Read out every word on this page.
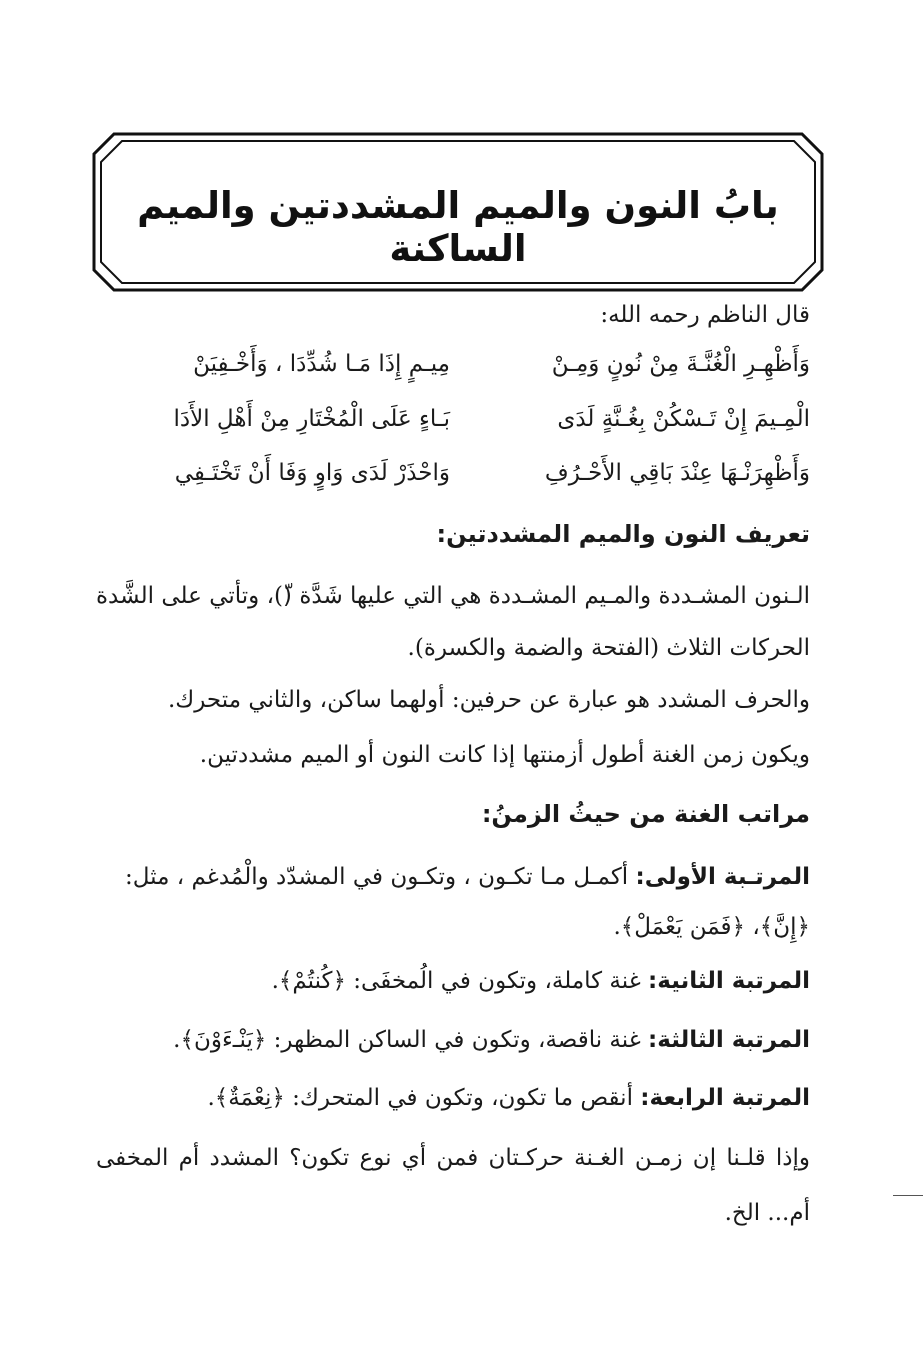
بابُ النون والميم المشددتين والميم الساكنة
قال الناظم رحمه الله:
وَأَظْهِـرِ الْغُنَّـةَ مِنْ نُونٍ وَمِـنْ
مِيـمٍ إِذَا مَـا شُدِّدَا ، وَأَخْـفِيَنْ
الْمِـيمَ إِنْ تَـسْكُنْ بِغُـنَّةٍ لَدَى
بَـاءٍ عَلَى الْمُخْتَارِ مِنْ أَهْلِ الأَدَا
وَأَظْهِرَنْـهَا عِنْدَ بَاقِي الأَحْـرُفِ
وَاحْذَرْ لَدَى وَاوٍ وَفَا أَنْ تَخْتَـفِي
تعريف النون والميم المشددتين:
الـنون المشـددة والمـيم المشـددة هي التي عليها شَدَّة (ّ)، وتأتي على الشَّدة
الحركات الثلاث (الفتحة والضمة والكسرة).
والحرف المشدد هو عبارة عن حرفين: أولهما ساكن، والثاني متحرك.
ويكون زمن الغنة أطول أزمنتها إذا كانت النون أو الميم مشددتين.
مراتب الغنة من حيثُ الزمنُ:
المرتـبة الأولى: أكمـل مـا تكـون ، وتكـون في المشدّد والْمُدغم ، مثل:
﴿إِنَّ﴾، ﴿فَمَن يَعْمَلْ﴾.
المرتبة الثانية: غنة كاملة، وتكون في الُمخفَى: ﴿كُنتُمْ﴾.
المرتبة الثالثة: غنة ناقصة، وتكون في الساكن المظهر: ﴿يَنْـءَوْنَ﴾.
المرتبة الرابعة: أنقص ما تكون، وتكون في المتحرك: ﴿نِعْمَةٌ﴾.
وإذا قلـنا إن زمـن الغـنة حركـتان فمن أي نوع تكون؟ المشدد أم المخفى
أم... الخ.
